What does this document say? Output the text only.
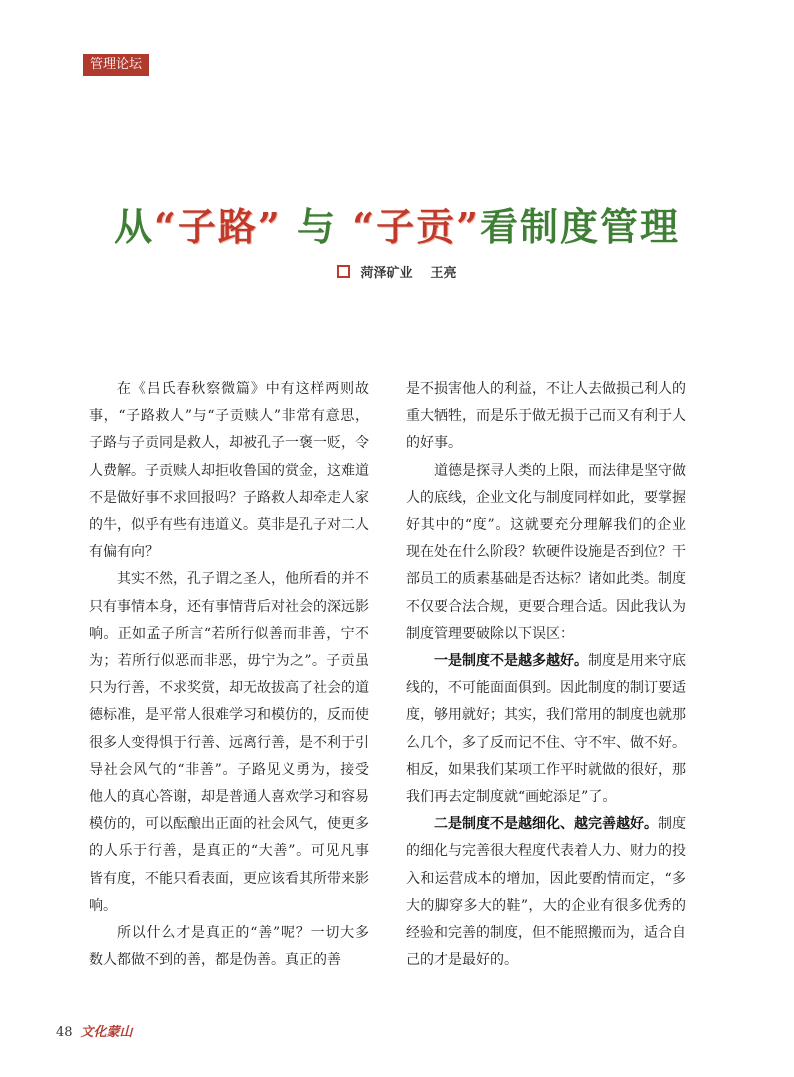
管理论坛
从“子路” 与 “子贡”看制度管理
菏泽矿业 王亮

在《吕氏春秋察微篇》中有这样两则故事，“子路救人”与“子贡赎人”非常有意思，子路与子贡同是救人，却被孔子一褒一贬，令人费解。子贡赎人却拒收鲁国的赏金，这难道不是做好事不求回报吗？子路救人却牵走人家的牛，似乎有些有违道义。莫非是孔子对二人有偏有向？

其实不然，孔子谓之圣人，他所看的并不只有事情本身，还有事情背后对社会的深远影响。正如孟子所言“若所行似善而非善，宁不为；若所行似恶而非恶，毋宁为之”。子贡虽只为行善，不求奖赏，却无故拔高了社会的道德标准，是平常人很难学习和模仿的，反而使很多人变得惧于行善、远离行善，是不利于引导社会风气的“非善”。子路见义勇为，接受他人的真心答谢，却是普通人喜欢学习和容易模仿的，可以酝酿出正面的社会风气，使更多的人乐于行善，是真正的“大善”。可见凡事皆有度，不能只看表面，更应该看其所带来影响。

所以什么才是真正的“善”呢？一切大多数人都做不到的善，都是伪善。真正的善

是不损害他人的利益，不让人去做损己利人的重大牺牲，而是乐于做无损于己而又有利于人的好事。

道德是探寻人类的上限，而法律是坚守做人的底线，企业文化与制度同样如此，要掌握好其中的“度”。这就要充分理解我们的企业现在处在什么阶段？软硬件设施是否到位？干部员工的质素基础是否达标？诸如此类。制度不仅要合法合规，更要合理合适。因此我认为制度管理要破除以下误区：

一是制度不是越多越好。制度是用来守底线的，不可能面面俱到。因此制度的制订要适度，够用就好；其实，我们常用的制度也就那么几个，多了反而记不住、守不牢、做不好。相反，如果我们某项工作平时就做的很好，那我们再去定制度就“画蛇添足”了。

二是制度不是越细化、越完善越好。制度的细化与完善很大程度代表着人力、财力的投入和运营成本的增加，因此要酌情而定，“多大的脚穿多大的鞋”，大的企业有很多优秀的经验和完善的制度，但不能照搬而为，适合自己的才是最好的。

48 文化蒙山
